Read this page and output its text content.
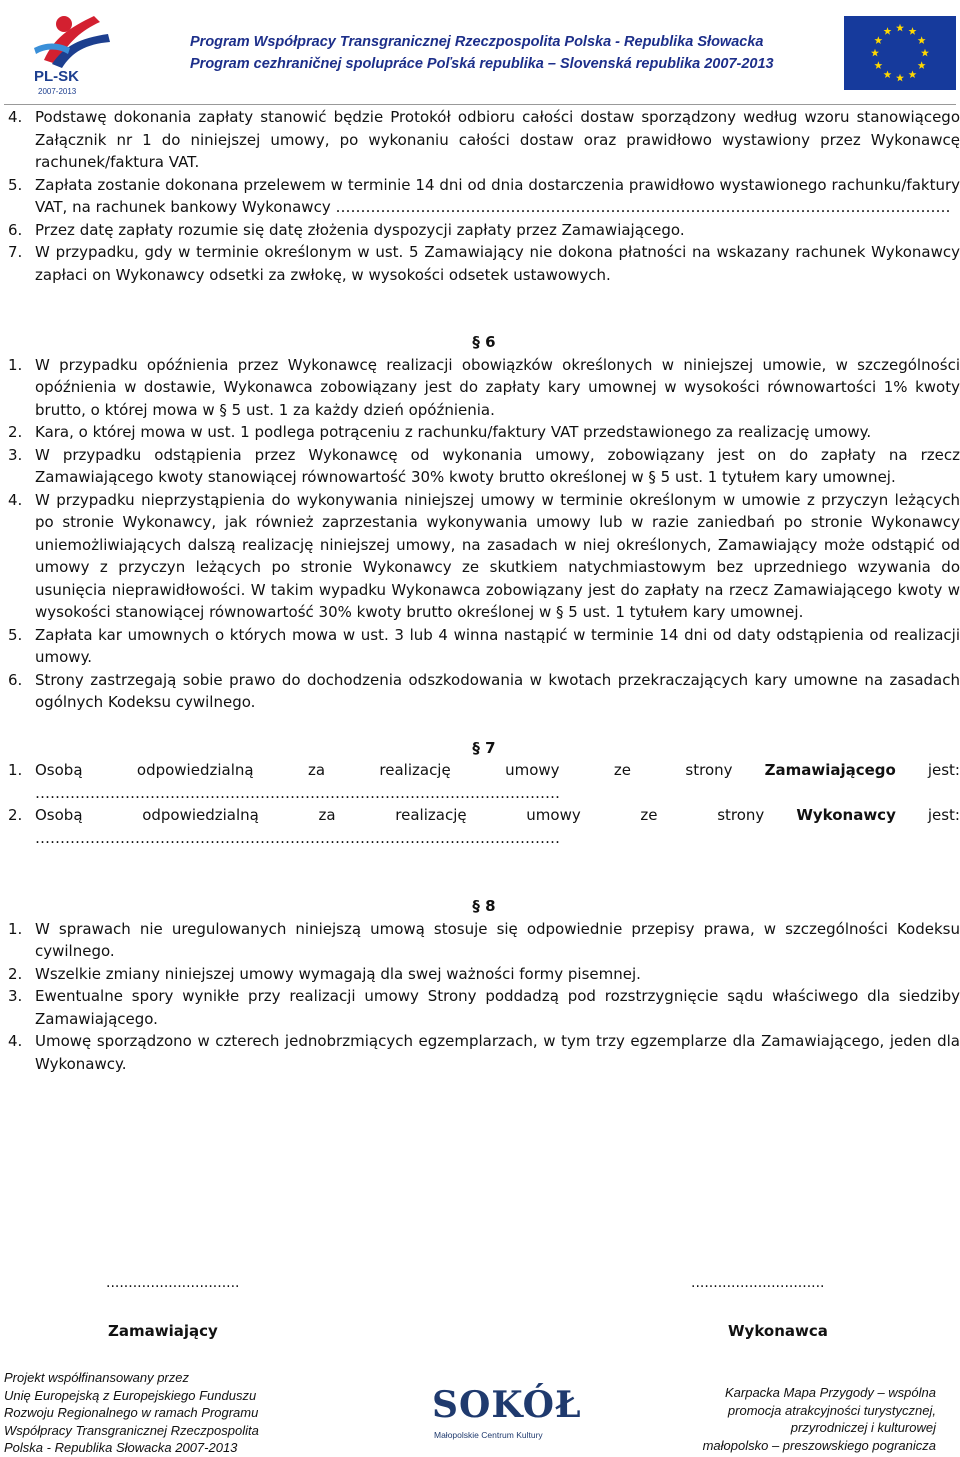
PL-SK
2007-2013
Program Współpracy Transgranicznej Rzeczpospolita Polska - Republika Słowacka
Program cezhraničnej spolupráce Poľská republika – Slovenská republika 2007-2013
4. Podstawę dokonania zapłaty stanowić będzie Protokół odbioru całości dostaw sporządzony według wzoru stanowiącego Załącznik nr 1 do niniejszej umowy, po wykonaniu całości dostaw oraz prawidłowo wystawiony przez Wykonawcę rachunek/faktura VAT.
5. Zapłata zostanie dokonana przelewem w terminie 14 dni od dnia dostarczenia prawidłowo wystawionego rachunku/faktury VAT, na rachunek bankowy Wykonawcy ……………………………………………………………………………………………………………
6. Przez datę zapłaty rozumie się datę złożenia dyspozycji zapłaty przez Zamawiającego.
7. W przypadku, gdy w terminie określonym w ust. 5 Zamawiający nie dokona płatności na wskazany rachunek Wykonawcy zapłaci on Wykonawcy odsetki za zwłokę, w wysokości odsetek ustawowych.
§ 6
1. W przypadku opóźnienia przez Wykonawcę realizacji obowiązków określonych w niniejszej umowie, w szczególności opóźnienia w dostawie, Wykonawca zobowiązany jest do zapłaty kary umownej w wysokości równowartości 1% kwoty brutto, o której mowa w § 5 ust. 1 za każdy dzień opóźnienia.
2. Kara, o której mowa w ust. 1 podlega potrąceniu z rachunku/faktury VAT przedstawionego za realizację umowy.
3. W przypadku odstąpienia przez Wykonawcę od wykonania umowy, zobowiązany jest on do zapłaty na rzecz Zamawiającego kwoty stanowiącej równowartość 30% kwoty brutto określonej w § 5 ust. 1 tytułem kary umownej.
4. W przypadku nieprzystąpienia do wykonywania niniejszej umowy w terminie określonym w umowie z przyczyn leżących po stronie Wykonawcy, jak również zaprzestania wykonywania umowy lub w razie zaniedbań po stronie Wykonawcy uniemożliwiających dalszą realizację niniejszej umowy, na zasadach w niej określonych, Zamawiający może odstąpić od umowy z przyczyn leżących po stronie Wykonawcy ze skutkiem natychmiastowym bez uprzedniego wzywania do usunięcia nieprawidłowości. W takim wypadku Wykonawca zobowiązany jest do zapłaty na rzecz Zamawiającego kwoty w wysokości stanowiącej równowartość 30% kwoty brutto określonej w § 5 ust. 1 tytułem kary umownej.
5. Zapłata kar umownych o których mowa w ust. 3 lub 4 winna nastąpić w terminie 14 dni od daty odstąpienia od realizacji umowy.
6. Strony zastrzegają sobie prawo do dochodzenia odszkodowania w kwotach przekraczających kary umowne na zasadach ogólnych Kodeksu cywilnego.
§ 7
1. Osobą	odpowiedzialną	za	realizację	umowy	ze	strony Zamawiającego	jest:
……………………………………………………………………………………………
2. Osobą	odpowiedzialną	za	realizację	umowy	ze	strony Wykonawcy	jest:
……………………………………………………………………………………………
§ 8
1. W sprawach nie uregulowanych niniejszą umową stosuje się odpowiednie przepisy prawa, w szczególności Kodeksu cywilnego.
2. Wszelkie zmiany niniejszej umowy wymagają dla swej ważności formy pisemnej.
3. Ewentualne spory wynikłe przy realizacji umowy Strony poddadzą pod rozstrzygnięcie sądu właściwego dla siedziby Zamawiającego.
4. Umowę sporządzono w czterech jednobrzmiących egzemplarzach, w tym trzy egzemplarze dla Zamawiającego, jeden dla Wykonawcy.
..............................	..............................
Zamawiający	Wykonawca
Projekt współfinansowany przez
Unię Europejską z Europejskiego Funduszu
Rozwoju Regionalnego w ramach Programu
Współpracy Transgranicznej Rzeczpospolita
Polska - Republika Słowacka 2007-2013
SOKÓŁ
Małopolskie Centrum Kultury
Karpacka Mapa Przygody – wspólna
promocja atrakcyjności turystycznej,
przyrodniczej i kulturowej
małopolsko – preszowskiego pogranicza
